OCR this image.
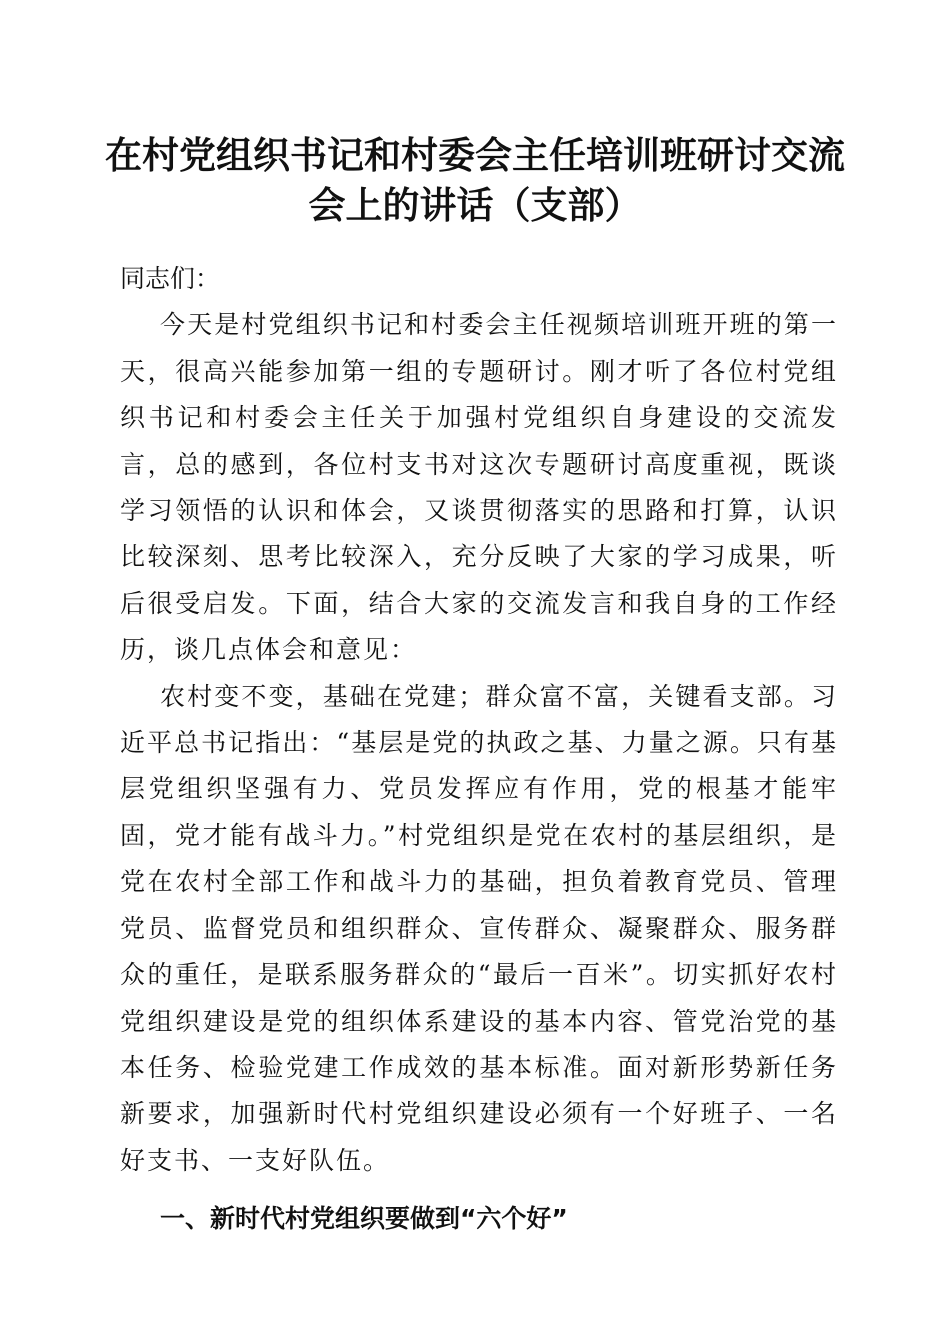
在村党组织书记和村委会主任培训班研讨交流
会上的讲话（支部）

同志们：

今天是村党组织书记和村委会主任视频培训班开班的第一天，很高兴能参加第一组的专题研讨。刚才听了各位村党组织书记和村委会主任关于加强村党组织自身建设的交流发言，总的感到，各位村支书对这次专题研讨高度重视，既谈学习领悟的认识和体会，又谈贯彻落实的思路和打算，认识比较深刻、思考比较深入，充分反映了大家的学习成果，听后很受启发。下面，结合大家的交流发言和我自身的工作经历，谈几点体会和意见：

农村变不变，基础在党建；群众富不富，关键看支部。习近平总书记指出：“基层是党的执政之基、力量之源。只有基层党组织坚强有力、党员发挥应有作用，党的根基才能牢固，党才能有战斗力。”村党组织是党在农村的基层组织，是党在农村全部工作和战斗力的基础，担负着教育党员、管理党员、监督党员和组织群众、宣传群众、凝聚群众、服务群众的重任，是联系服务群众的“最后一百米”。切实抓好农村党组织建设是党的组织体系建设的基本内容、管党治党的基本任务、检验党建工作成效的基本标准。面对新形势新任务新要求，加强新时代村党组织建设必须有一个好班子、一名好支书、一支好队伍。

一、新时代村党组织要做到“六个好”
